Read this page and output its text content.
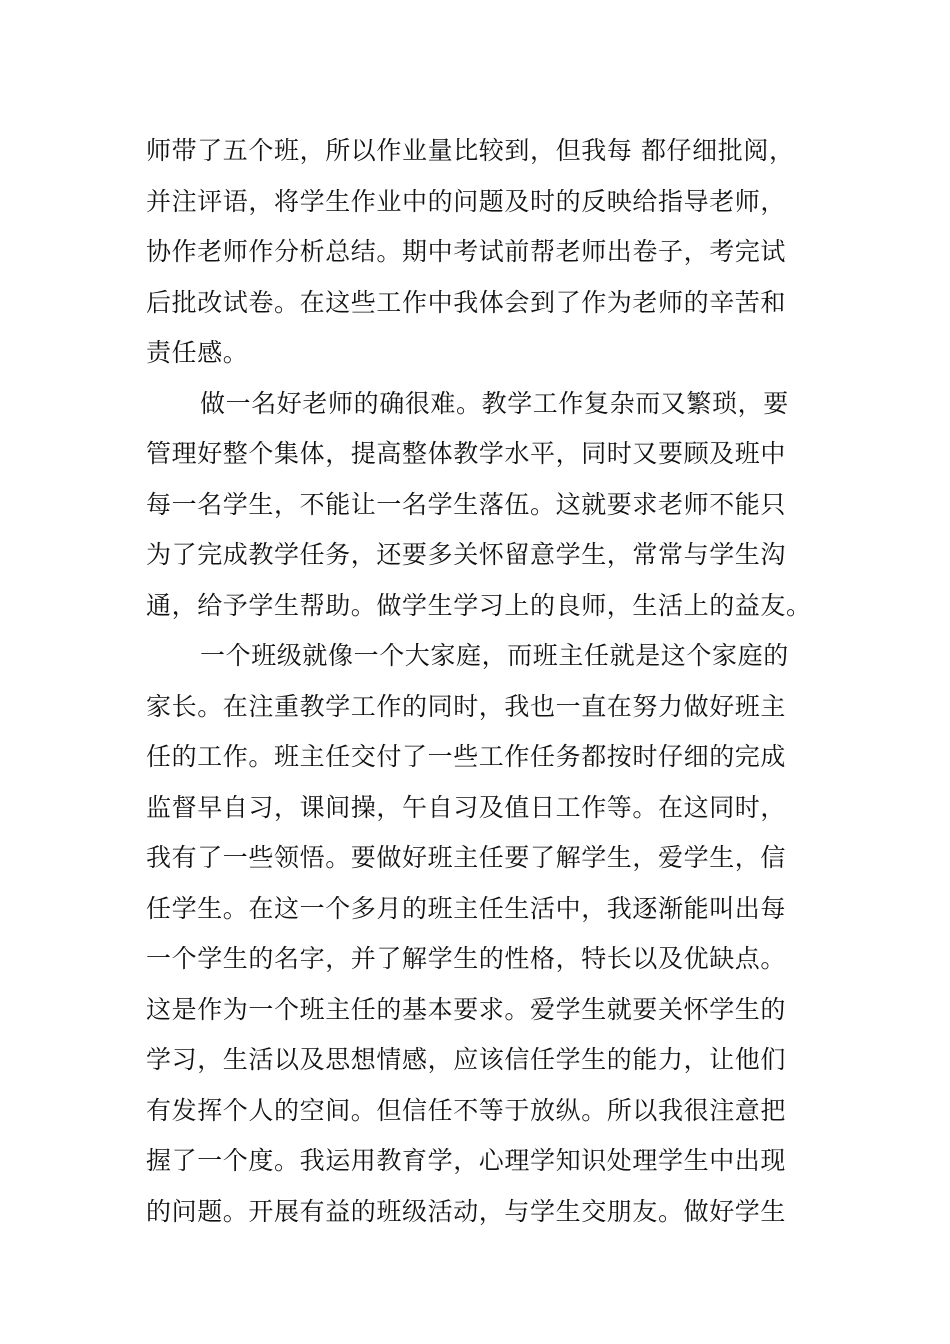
师带了五个班，所以作业量比较到，但我每 都仔细批阅，
并注评语，将学生作业中的问题及时的反映给指导老师，
协作老师作分析总结。期中考试前帮老师出卷子，考完试
后批改试卷。在这些工作中我体会到了作为老师的辛苦和
责任感。
做一名好老师的确很难。教学工作复杂而又繁琐，要
管理好整个集体，提高整体教学水平，同时又要顾及班中
每一名学生，不能让一名学生落伍。这就要求老师不能只
为了完成教学任务，还要多关怀留意学生，常常与学生沟
通，给予学生帮助。做学生学习上的良师，生活上的益友。
一个班级就像一个大家庭，而班主任就是这个家庭的
家长。在注重教学工作的同时，我也一直在努力做好班主
任的工作。班主任交付了一些工作任务都按时仔细的完成
监督早自习，课间操，午自习及值日工作等。在这同时，
我有了一些领悟。要做好班主任要了解学生，爱学生，信
任学生。在这一个多月的班主任生活中，我逐渐能叫出每
一个学生的名字，并了解学生的性格，特长以及优缺点。
这是作为一个班主任的基本要求。爱学生就要关怀学生的
学习，生活以及思想情感，应该信任学生的能力，让他们
有发挥个人的空间。但信任不等于放纵。所以我很注意把
握了一个度。我运用教育学，心理学知识处理学生中出现
的问题。开展有益的班级活动，与学生交朋友。做好学生
